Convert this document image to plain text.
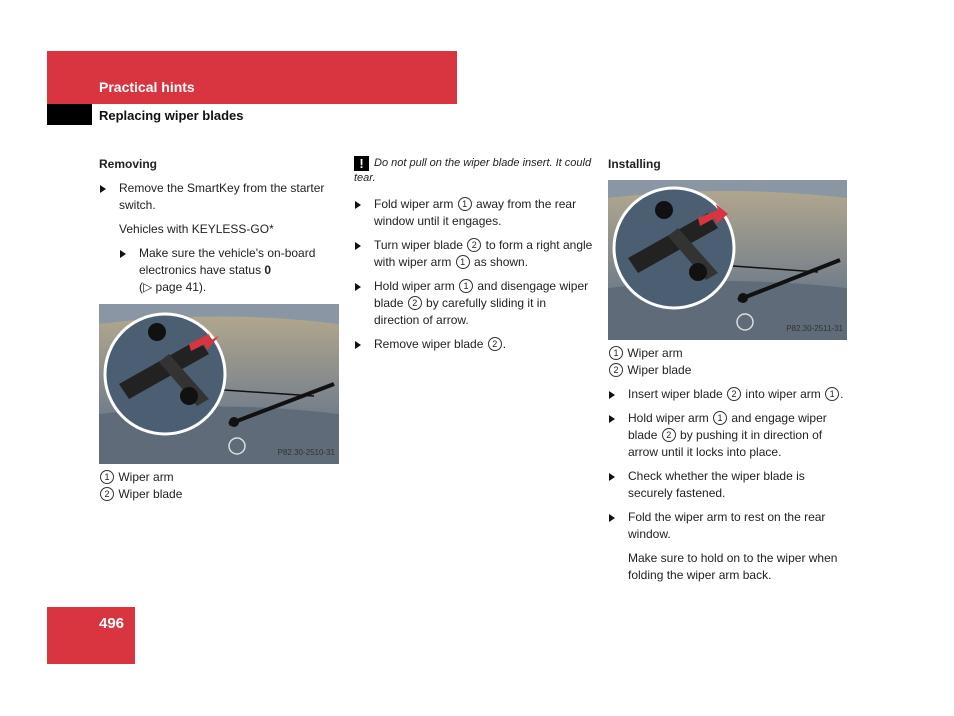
Practical hints
Replacing wiper blades

Removing

Remove the SmartKey from the starter switch.

Vehicles with KEYLESS-GO*

Make sure the vehicle's on-board electronics have status 0
(▷ page 41).

P82.30-2510-31

1 Wiper arm

2 Wiper blade

! Do not pull on the wiper blade insert. It could tear.

Fold wiper arm 1 away from the rear window until it engages.

Turn wiper blade 2 to form a right angle with wiper arm 1 as shown.

Hold wiper arm 1 and disengage wiper blade 2 by carefully sliding it in direction of arrow.

Remove wiper blade 2 .

Installing

P82.30-2511-31

1 Wiper arm

2 Wiper blade

Insert wiper blade 2 into wiper arm 1 .

Hold wiper arm 1 and engage wiper blade 2 by pushing it in direction of arrow until it locks into place.

Check whether the wiper blade is securely fastened.

Fold the wiper arm to rest on the rear window.

Make sure to hold on to the wiper when folding the wiper arm back.

496
